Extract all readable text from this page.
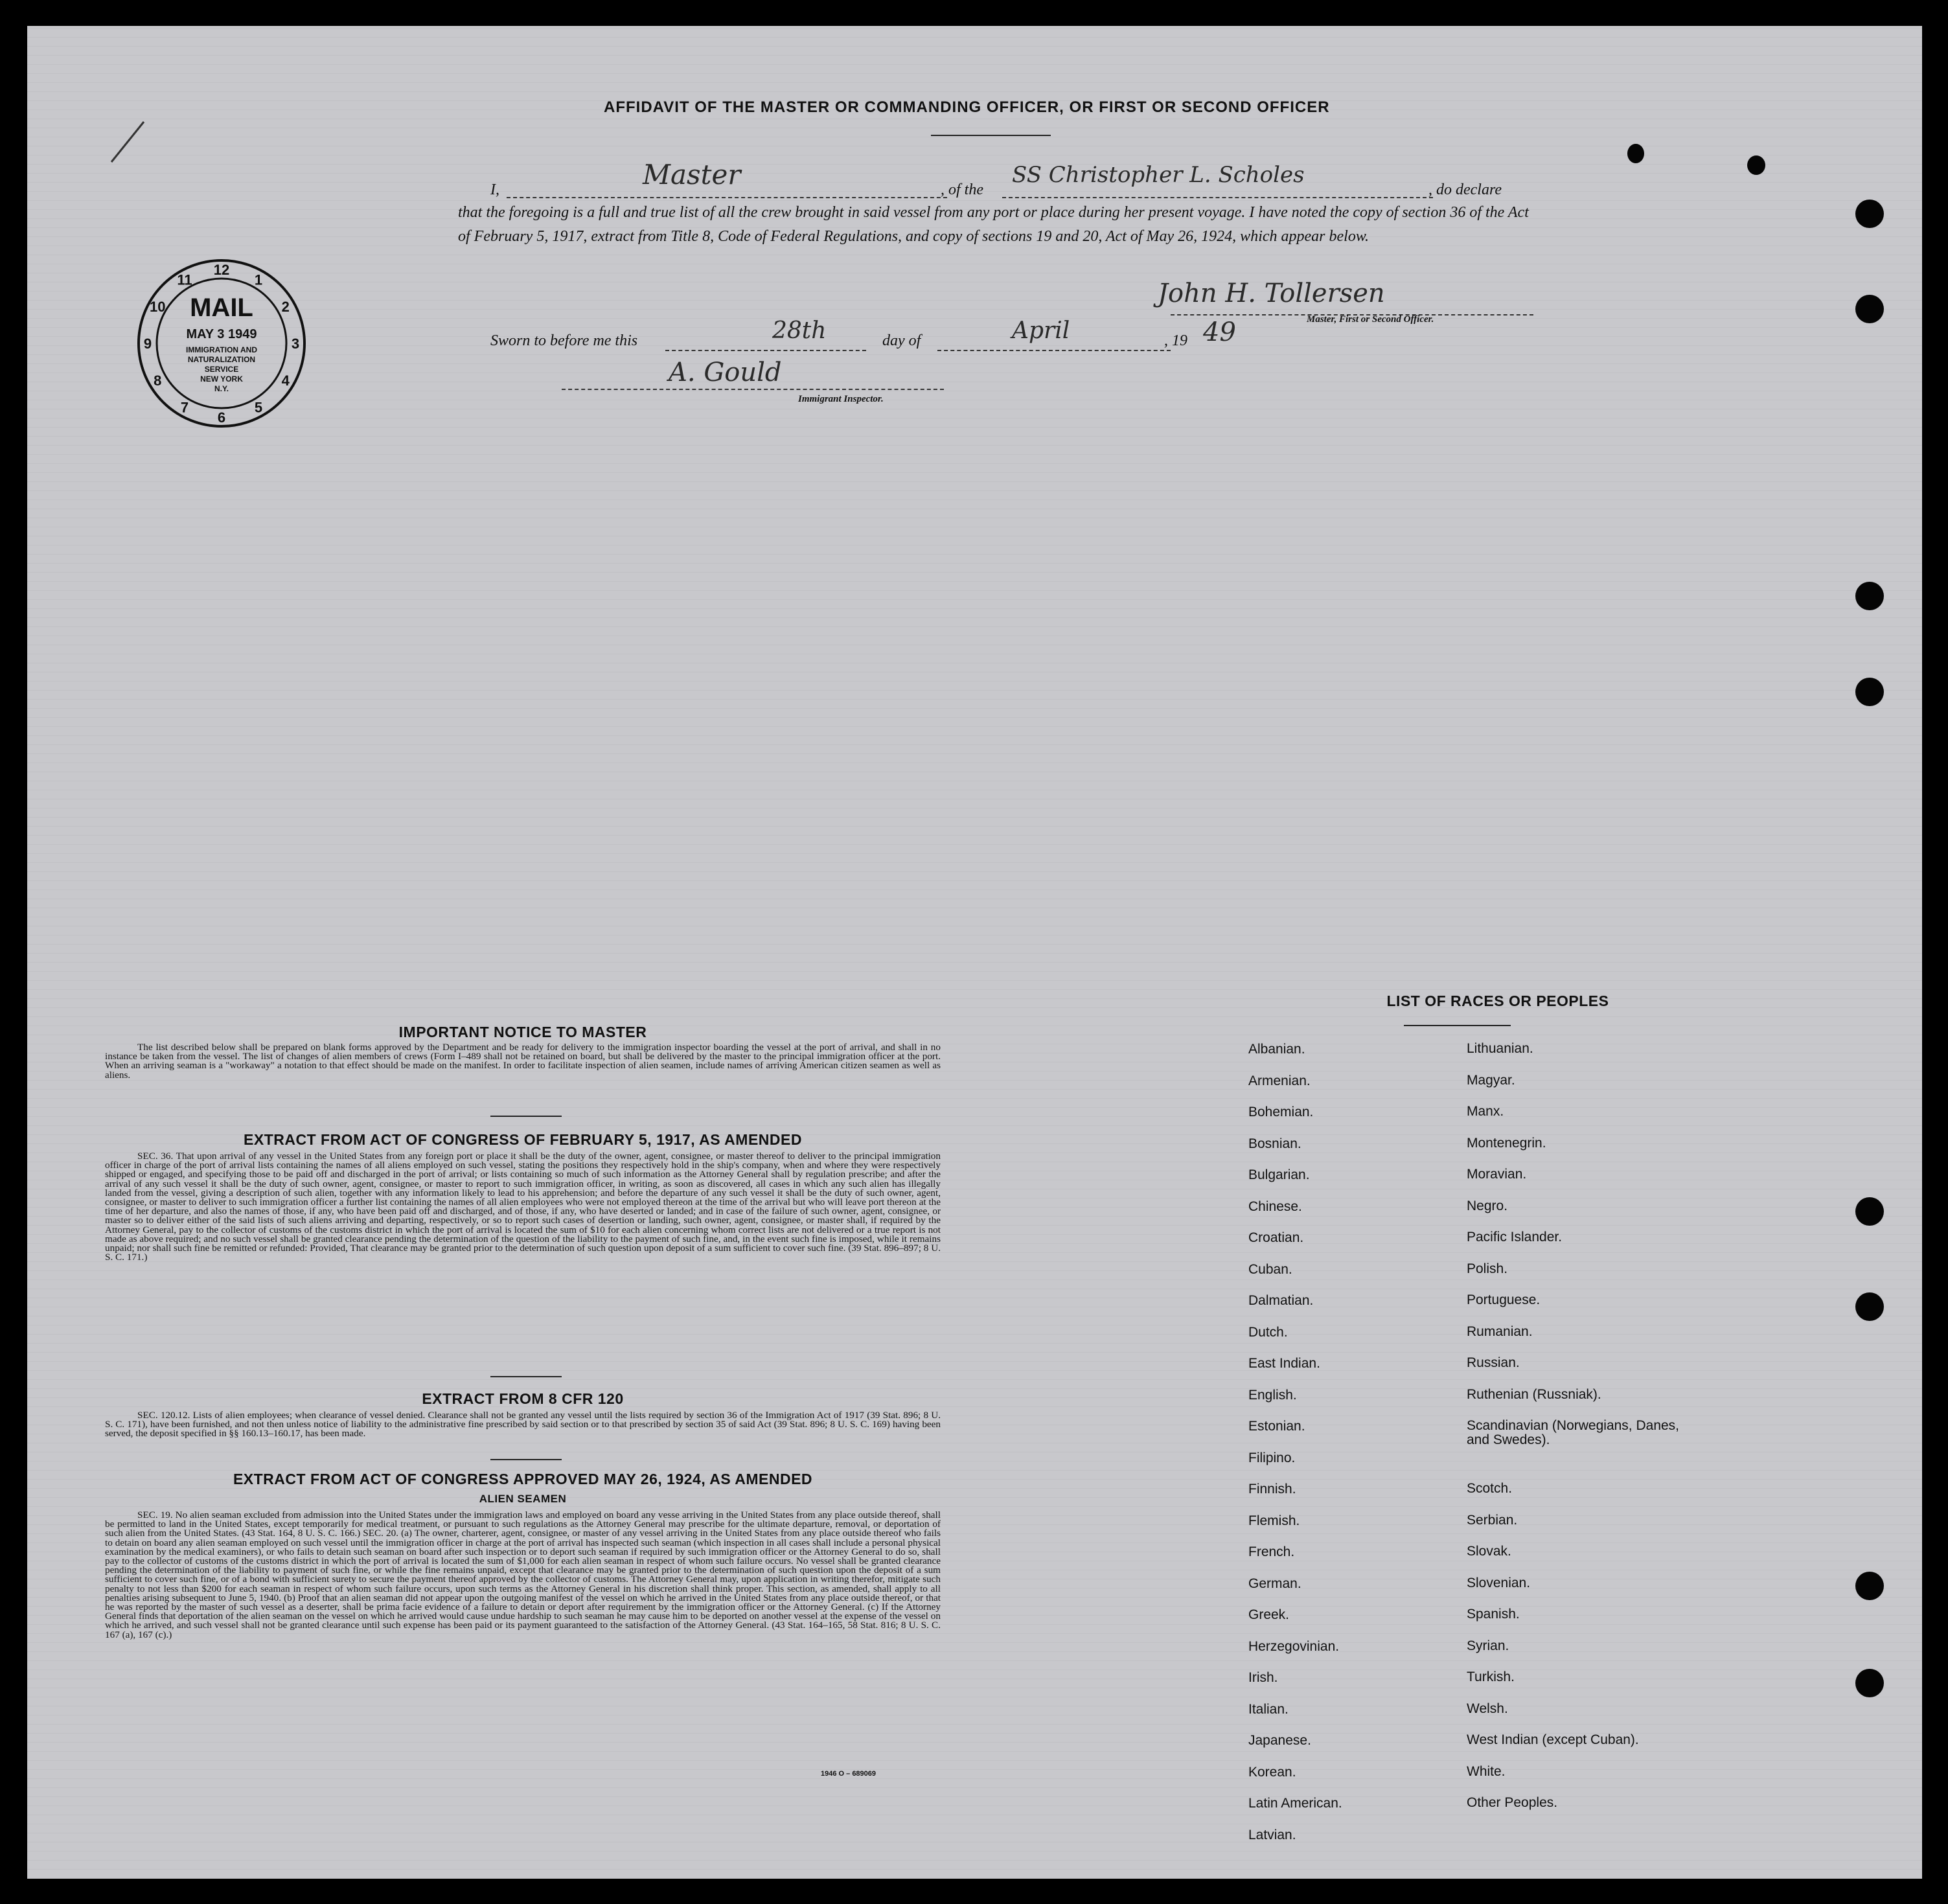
AFFIDAVIT OF THE MASTER OR COMMANDING OFFICER, OR FIRST OR SECOND OFFICER
I,	Master	, of the
SS Christopher L. Scholes
, do declare
that the foregoing is a full and true list of all the crew brought in said vessel from any port or place during her present voyage. I have noted the copy of section 36 of the Act of February 5, 1917, extract from Title 8, Code of Federal Regulations, and copy of sections 19 and 20, Act of May 26, 1924, which appear below.
John H. Tollersen
Master, First or Second Officer.
Sworn to before me this	28th	day of	April	, 19 49
A. Gould
Immigrant Inspector.
12
1
2
3
4
5
6
7
8
9
10
11
MAIL
MAY 3 1949
IMMIGRATION AND
NATURALIZATION
SERVICE
NEW YORK
N.Y.
IMPORTANT NOTICE TO MASTER
The list described below shall be prepared on blank forms approved by the Department and be ready for delivery to the immigration inspector boarding the vessel at the port of arrival, and shall in no instance be taken from the vessel. The list of changes of alien members of crews (Form I–489 shall not be retained on board, but shall be delivered by the master to the principal immigration officer at the port. When an arriving seaman is a "workaway" a notation to that effect should be made on the manifest. In order to facilitate inspection of alien seamen, include names of arriving American citizen seamen as well as aliens.
EXTRACT FROM ACT OF CONGRESS OF FEBRUARY 5, 1917, AS AMENDED
SEC. 36. That upon arrival of any vessel in the United States from any foreign port or place it shall be the duty of the owner, agent, consignee, or master thereof to deliver to the principal immigration officer in charge of the port of arrival lists containing the names of all aliens employed on such vessel, stating the positions they respectively hold in the ship's company, when and where they were respectively shipped or engaged, and specifying those to be paid off and discharged in the port of arrival; or lists containing so much of such information as the Attorney General shall by regulation prescribe; and after the arrival of any such vessel it shall be the duty of such owner, agent, consignee, or master to report to such immigration officer, in writing, as soon as discovered, all cases in which any such alien has illegally landed from the vessel, giving a description of such alien, together with any information likely to lead to his apprehension; and before the departure of any such vessel it shall be the duty of such owner, agent, consignee, or master to deliver to such immigration officer a further list containing the names of all alien employees who were not employed thereon at the time of the arrival but who will leave port thereon at the time of her departure, and also the names of those, if any, who have been paid off and discharged, and of those, if any, who have deserted or landed; and in case of the failure of such owner, agent, consignee, or master so to deliver either of the said lists of such aliens arriving and departing, respectively, or so to report such cases of desertion or landing, such owner, agent, consignee, or master shall, if required by the Attorney General, pay to the collector of customs of the customs district in which the port of arrival is located the sum of $10 for each alien concerning whom correct lists are not delivered or a true report is not made as above required; and no such vessel shall be granted clearance pending the determination of the question of the liability to the payment of such fine, and, in the event such fine is imposed, while it remains unpaid; nor shall such fine be remitted or refunded: Provided, That clearance may be granted prior to the determination of such question upon deposit of a sum sufficient to cover such fine. (39 Stat. 896–897; 8 U. S. C. 171.)
EXTRACT FROM 8 CFR 120
SEC. 120.12. Lists of alien employees; when clearance of vessel denied. Clearance shall not be granted any vessel until the lists required by section 36 of the Immigration Act of 1917 (39 Stat. 896; 8 U. S. C. 171), have been furnished, and not then unless notice of liability to the administrative fine prescribed by said section or to that prescribed by section 35 of said Act (39 Stat. 896; 8 U. S. C. 169) having been served, the deposit specified in §§ 160.13–160.17, has been made.
EXTRACT FROM ACT OF CONGRESS APPROVED MAY 26, 1924, AS AMENDED
ALIEN SEAMEN
SEC. 19. No alien seaman excluded from admission into the United States under the immigration laws and employed on board any vesse arriving in the United States from any place outside thereof, shall be permitted to land in the United States, except temporarily for medical treatment, or pursuant to such regulations as the Attorney General may prescribe for the ultimate departure, removal, or deportation of such alien from the United States. (43 Stat. 164, 8 U. S. C. 166.) SEC. 20. (a) The owner, charterer, agent, consignee, or master of any vessel arriving in the United States from any place outside thereof who fails to detain on board any alien seaman employed on such vessel until the immigration officer in charge at the port of arrival has inspected such seaman (which inspection in all cases shall include a personal physical examination by the medical examiners), or who fails to detain such seaman on board after such inspection or to deport such seaman if required by such immigration officer or the Attorney General to do so, shall pay to the collector of customs of the customs district in which the port of arrival is located the sum of $1,000 for each alien seaman in respect of whom such failure occurs. No vessel shall be granted clearance pending the determination of the liability to payment of such fine, or while the fine remains unpaid, except that clearance may be granted prior to the determination of such question upon the deposit of a sum sufficient to cover such fine, or of a bond with sufficient surety to secure the payment thereof approved by the collector of customs. The Attorney General may, upon application in writing therefor, mitigate such penalty to not less than $200 for each seaman in respect of whom such failure occurs, upon such terms as the Attorney General in his discretion shall think proper. This section, as amended, shall apply to all penalties arising subsequent to June 5, 1940. (b) Proof that an alien seaman did not appear upon the outgoing manifest of the vessel on which he arrived in the United States from any place outside thereof, or that he was reported by the master of such vessel as a deserter, shall be prima facie evidence of a failure to detain or deport after requirement by the immigration officer or the Attorney General. (c) If the Attorney General finds that deportation of the alien seaman on the vessel on which he arrived would cause undue hardship to such seaman he may cause him to be deported on another vessel at the expense of the vessel on which he arrived, and such vessel shall not be granted clearance until such expense has been paid or its payment guaranteed to the satisfaction of the Attorney General. (43 Stat. 164–165, 58 Stat. 816; 8 U. S. C. 167 (a), 167 (c).)
1946 O – 689069
LIST OF RACES OR PEOPLES
Albanian.
Armenian.
Bohemian.
Bosnian.
Bulgarian.
Chinese.
Croatian.
Cuban.
Dalmatian.
Dutch.
East Indian.
English.
Estonian.
Filipino.
Finnish.
Flemish.
French.
German.
Greek.
Herzegovinian.
Irish.
Italian.
Japanese.
Korean.
Latin American.
Latvian.
Lithuanian.
Magyar.
Manx.
Montenegrin.
Moravian.
Negro.
Pacific Islander.
Polish.
Portuguese.
Rumanian.
Russian.
Ruthenian (Russniak).
Scandinavian (Norwegians, Danes, and Swedes).
Scotch.
Serbian.
Slovak.
Slovenian.
Spanish.
Syrian.
Turkish.
Welsh.
West Indian (except Cuban).
White.
Other Peoples.
